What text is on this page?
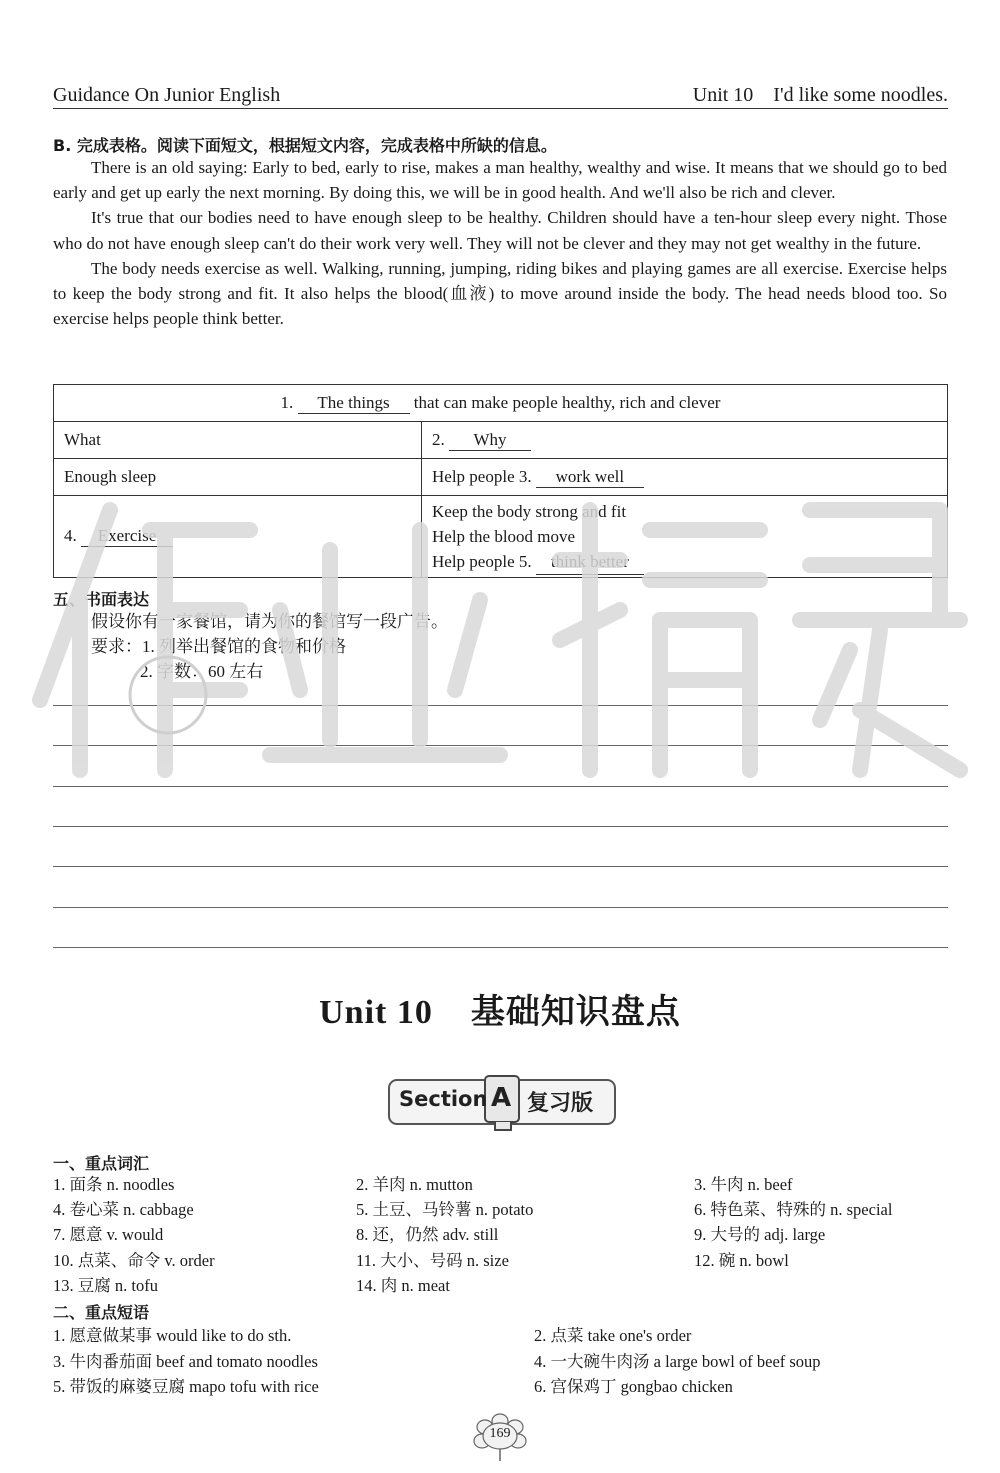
Guidance On Junior English	Unit 10    I'd like some noodles.
B. 完成表格。阅读下面短文，根据短文内容，完成表格中所缺的信息。

There is an old saying: Early to bed, early to rise, makes a man healthy, wealthy and wise. It means that we should go to bed early and get up early the next morning. By doing this, we will be in good health. And we'll also be rich and clever.

It's true that our bodies need to have enough sleep to be healthy. Children should have a ten-hour sleep every night. Those who do not have enough sleep can't do their work very well. They will not be clever and they may not get wealthy in the future.

The body needs exercise as well. Walking, running, jumping, riding bikes and playing games are all exercise. Exercise helps to keep the body strong and fit. It also helps the blood(血液) to move around inside the body. The head needs blood too. So exercise helps people think better.

1. The things that can make people healthy, rich and clever	
What	2. Why
Enough sleep	Help people 3. work well
4. Exercise	Keep the body strong and fit
Help the blood move
Help people 5. think better
五、书面表达
假设你有一家餐馆，请为你的餐馆写一段广告。
要求：1. 列举出餐馆的食物和价格
2. 字数：60 左右
Unit 10    基础知识盘点
Section A 复习版
一、重点词汇
1. 面条 n. noodles	2. 羊肉 n. mutton	3. 牛肉 n. beef
4. 卷心菜 n. cabbage	5. 土豆、马铃薯 n. potato	6. 特色菜、特殊的 n. special
7. 愿意 v. would	8. 还，仍然 adv. still	9. 大号的 adj. large
10. 点菜、命令 v. order	11. 大小、号码 n. size	12. 碗 n. bowl
13. 豆腐 n. tofu	14. 肉 n. meat
二、重点短语
1. 愿意做某事 would like to do sth.	2. 点菜 take one's order
3. 牛肉番茄面 beef and tomato noodles	4. 一大碗牛肉汤 a large bowl of beef soup
5. 带饭的麻婆豆腐 mapo tofu with rice	6. 宫保鸡丁 gongbao chicken
169
